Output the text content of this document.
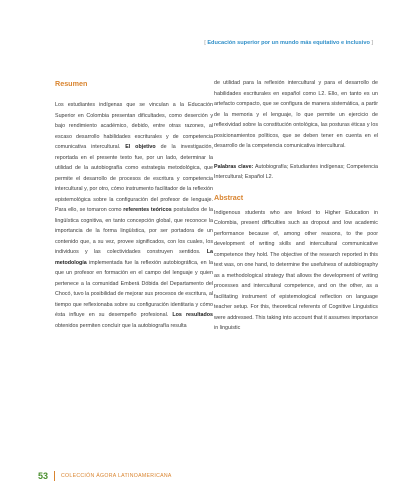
[ Educación superior por un mundo más equitativo e inclusivo ]
Resumen

Los estudiantes indígenas que se vinculan a la Educación Superior en Colombia presentan dificultades, como deserción y bajo rendimiento académico, debido, entre otras razones, al escaso desarrollo habilidades escriturales y de competencia comunicativa intercultural. El objetivo de la investigación, reportada en el presente texto fue, por un lado, determinar la utilidad de la autobiografía como estrategia metodológica, que permite el desarrollo de procesos de escritura y competencia intercultural y, por otro, cómo instrumento facilitador de la reflexión epistemológica sobre la configuración del profesor de lenguaje. Para ello, se tomaron como referentes teóricos postulados de la lingüística cognitiva, en tanto concepción global, que reconoce la importancia de la forma lingüística, por ser portadora de un contenido que, a su vez, provee significados, con los cuales, los individuos y las colectividades construyen sentidos. La metodología implementada fue la reflexión autobiográfica, en la que un profesor en formación en el campo del lenguaje y quien pertenece a la comunidad Emberá Dóbida del Departamento del Chocó, tuvo la posibilidad de mejorar sus procesos de escritura, al tiempo que reflexionaba sobre su configuración identitaria y cómo ésta influye en su desempeño profesional. Los resultados obtenidos permiten concluir que la autobiografía resulta

de utilidad para la reflexión intercultural y para el desarrollo de habilidades escriturales en español como L2. Ello, en tanto es un artefacto compacto, que se configura de manera sistemática, a partir de la memoria y el lenguaje, lo que permite un ejercicio de reflexividad sobre la constitución ontológica, las posturas éticas y los posicionamientos políticos, que se deben tener en cuenta en el desarrollo de la competencia comunicativa intercultural.

Palabras clave: Autobiografía; Estudiantes indígenas; Competencia Intercultural; Español L2.

Abstract

Indigenous students who are linked to Higher Education in Colombia, present difficulties such as dropout and low academic performance because of, among other reasons, to the poor development of writing skills and intercultural communicative competence they hold. The objective of the research reported in this text was, on one hand, to determine the usefulness of autobiography as a methodological strategy that allows the development of writing processes and intercultural competence, and on the other, as a facilitating instrument of epistemological reflection on language teacher setup. For this, theoretical referents of Cognitive Linguistics were addressed. This taking into account that it assumes importance in linguistic

53	COLECCIÓN ÁGORA LATINOAMERICANA
